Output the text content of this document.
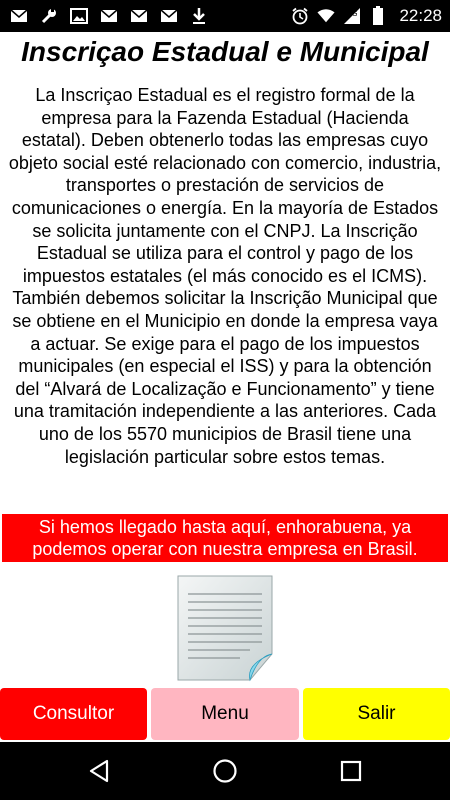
G 22:28
Inscriçao Estadual e Municipal

La Inscriçao Estadual es el registro formal de la empresa para la Fazenda Estadual (Hacienda estatal). Deben obtenerlo todas las empresas cuyo objeto social esté relacionado con comercio, industria, transportes o prestación de servicios de comunicaciones o energía. En la mayoría de Estados se solicita juntamente con el CNPJ. La Inscrição Estadual se utiliza para el control y pago de los impuestos estatales (el más conocido es el ICMS). También debemos solicitar la Inscrição Municipal que se obtiene en el Municipio en donde la empresa vaya a actuar. Se exige para el pago de los impuestos municipales (en especial el ISS) y para la obtención del “Alvará de Localização e Funcionamento” y tiene una tramitación independiente a las anteriores. Cada uno de los 5570 municipios de Brasil tiene una legislación particular sobre estos temas.

Si hemos llegado hasta aquí, enhorabuena, ya podemos operar con nuestra empresa en Brasil.
Consultor	Menu	Salir
